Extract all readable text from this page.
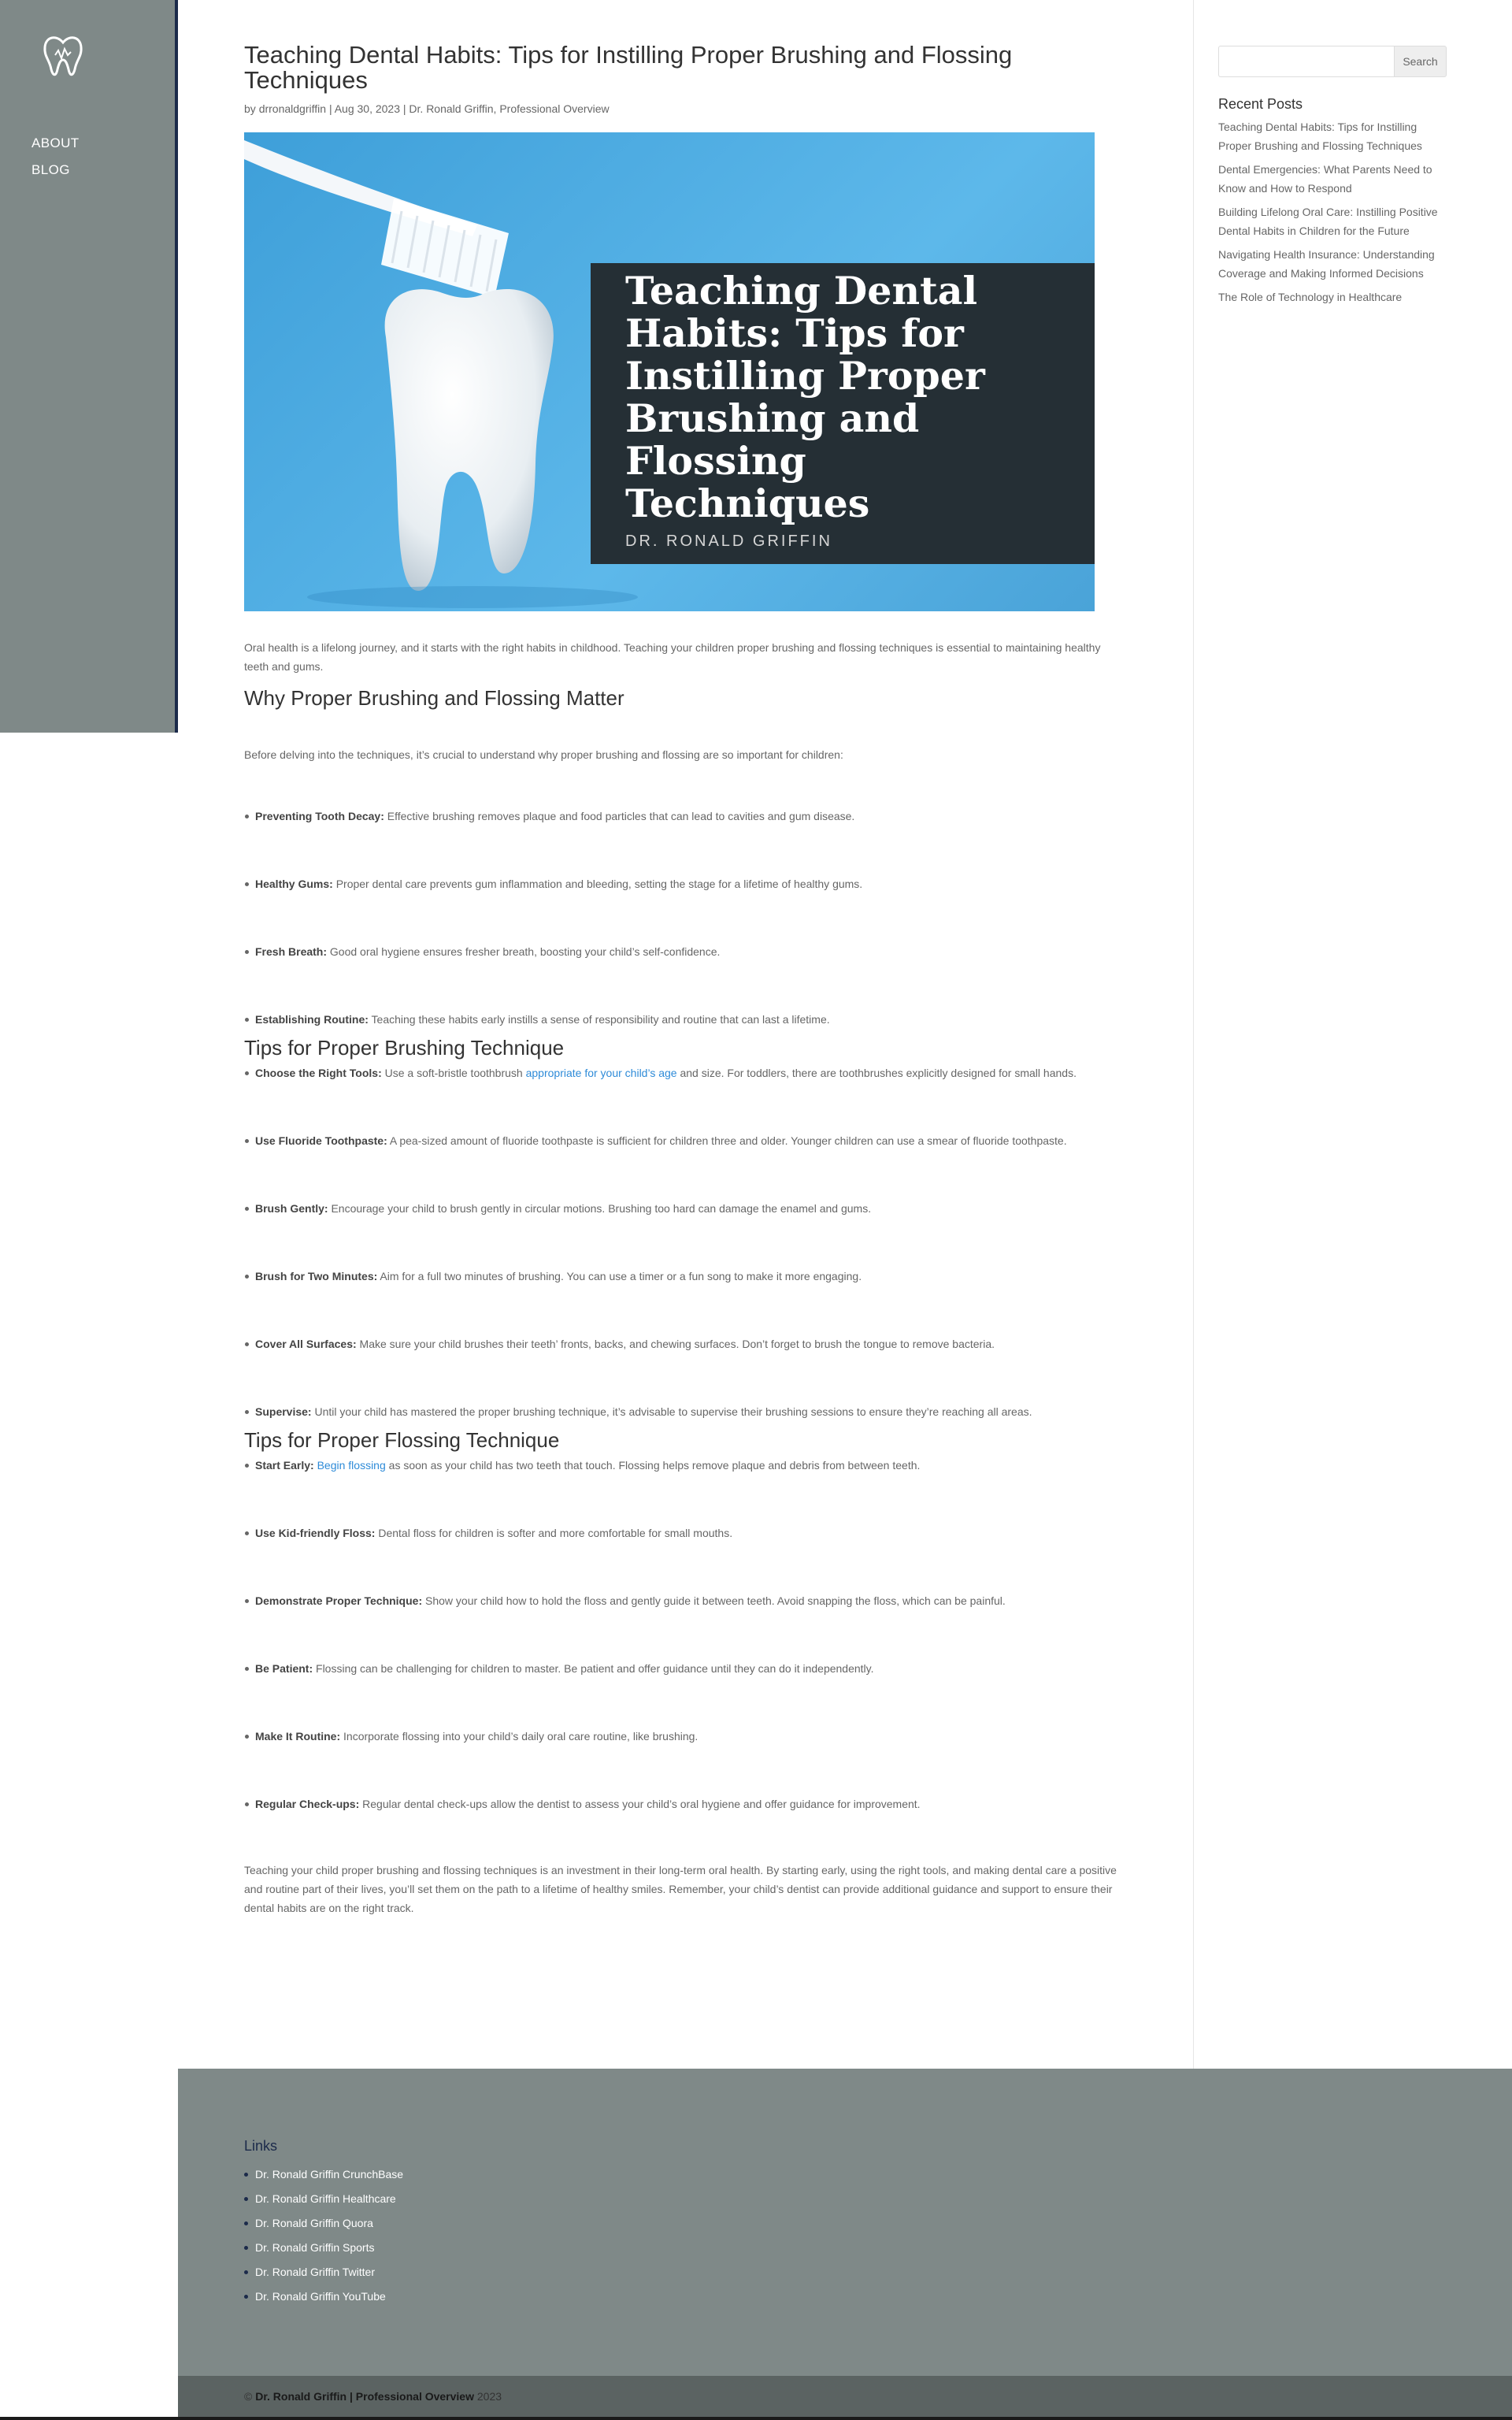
ABOUT
BLOG
Teaching Dental Habits: Tips for Instilling Proper Brushing and Flossing Techniques

by drronaldgriffin | Aug 30, 2023 | Dr. Ronald Griffin, Professional Overview

Teaching Dental Habits: Tips for Instilling Proper Brushing and Flossing Techniques
DR. RONALD GRIFFIN

Oral health is a lifelong journey, and it starts with the right habits in childhood. Teaching your children proper brushing and flossing techniques is essential to maintaining healthy teeth and gums.

Why Proper Brushing and Flossing Matter

Before delving into the techniques, it’s crucial to understand why proper brushing and flossing are so important for children:

Preventing Tooth Decay: Effective brushing removes plaque and food particles that can lead to cavities and gum disease.
Healthy Gums: Proper dental care prevents gum inflammation and bleeding, setting the stage for a lifetime of healthy gums.
Fresh Breath: Good oral hygiene ensures fresher breath, boosting your child’s self-confidence.
Establishing Routine: Teaching these habits early instills a sense of responsibility and routine that can last a lifetime.
Tips for Proper Brushing Technique
Choose the Right Tools: Use a soft-bristle toothbrush appropriate for your child’s age and size. For toddlers, there are toothbrushes explicitly designed for small hands.
Use Fluoride Toothpaste: A pea-sized amount of fluoride toothpaste is sufficient for children three and older. Younger children can use a smear of fluoride toothpaste.
Brush Gently: Encourage your child to brush gently in circular motions. Brushing too hard can damage the enamel and gums.
Brush for Two Minutes: Aim for a full two minutes of brushing. You can use a timer or a fun song to make it more engaging.
Cover All Surfaces: Make sure your child brushes their teeth’ fronts, backs, and chewing surfaces. Don’t forget to brush the tongue to remove bacteria.
Supervise: Until your child has mastered the proper brushing technique, it’s advisable to supervise their brushing sessions to ensure they’re reaching all areas.
Tips for Proper Flossing Technique
Start Early: Begin flossing as soon as your child has two teeth that touch. Flossing helps remove plaque and debris from between teeth.
Use Kid-friendly Floss: Dental floss for children is softer and more comfortable for small mouths.
Demonstrate Proper Technique: Show your child how to hold the floss and gently guide it between teeth. Avoid snapping the floss, which can be painful.
Be Patient: Flossing can be challenging for children to master. Be patient and offer guidance until they can do it independently.
Make It Routine: Incorporate flossing into your child’s daily oral care routine, like brushing.
Regular Check-ups: Regular dental check-ups allow the dentist to assess your child’s oral hygiene and offer guidance for improvement.

Teaching your child proper brushing and flossing techniques is an investment in their long-term oral health. By starting early, using the right tools, and making dental care a positive and routine part of their lives, you’ll set them on the path to a lifetime of healthy smiles. Remember, your child’s dentist can provide additional guidance and support to ensure their dental habits are on the right track.

Search
Recent Posts
Teaching Dental Habits: Tips for Instilling Proper Brushing and Flossing Techniques
Dental Emergencies: What Parents Need to Know and How to Respond
Building Lifelong Oral Care: Instilling Positive Dental Habits in Children for the Future
Navigating Health Insurance: Understanding Coverage and Making Informed Decisions
The Role of Technology in Healthcare
Links
Dr. Ronald Griffin CrunchBase
Dr. Ronald Griffin Healthcare
Dr. Ronald Griffin Quora
Dr. Ronald Griffin Sports
Dr. Ronald Griffin Twitter
Dr. Ronald Griffin YouTube

© Dr. Ronald Griffin | Professional Overview 2023
